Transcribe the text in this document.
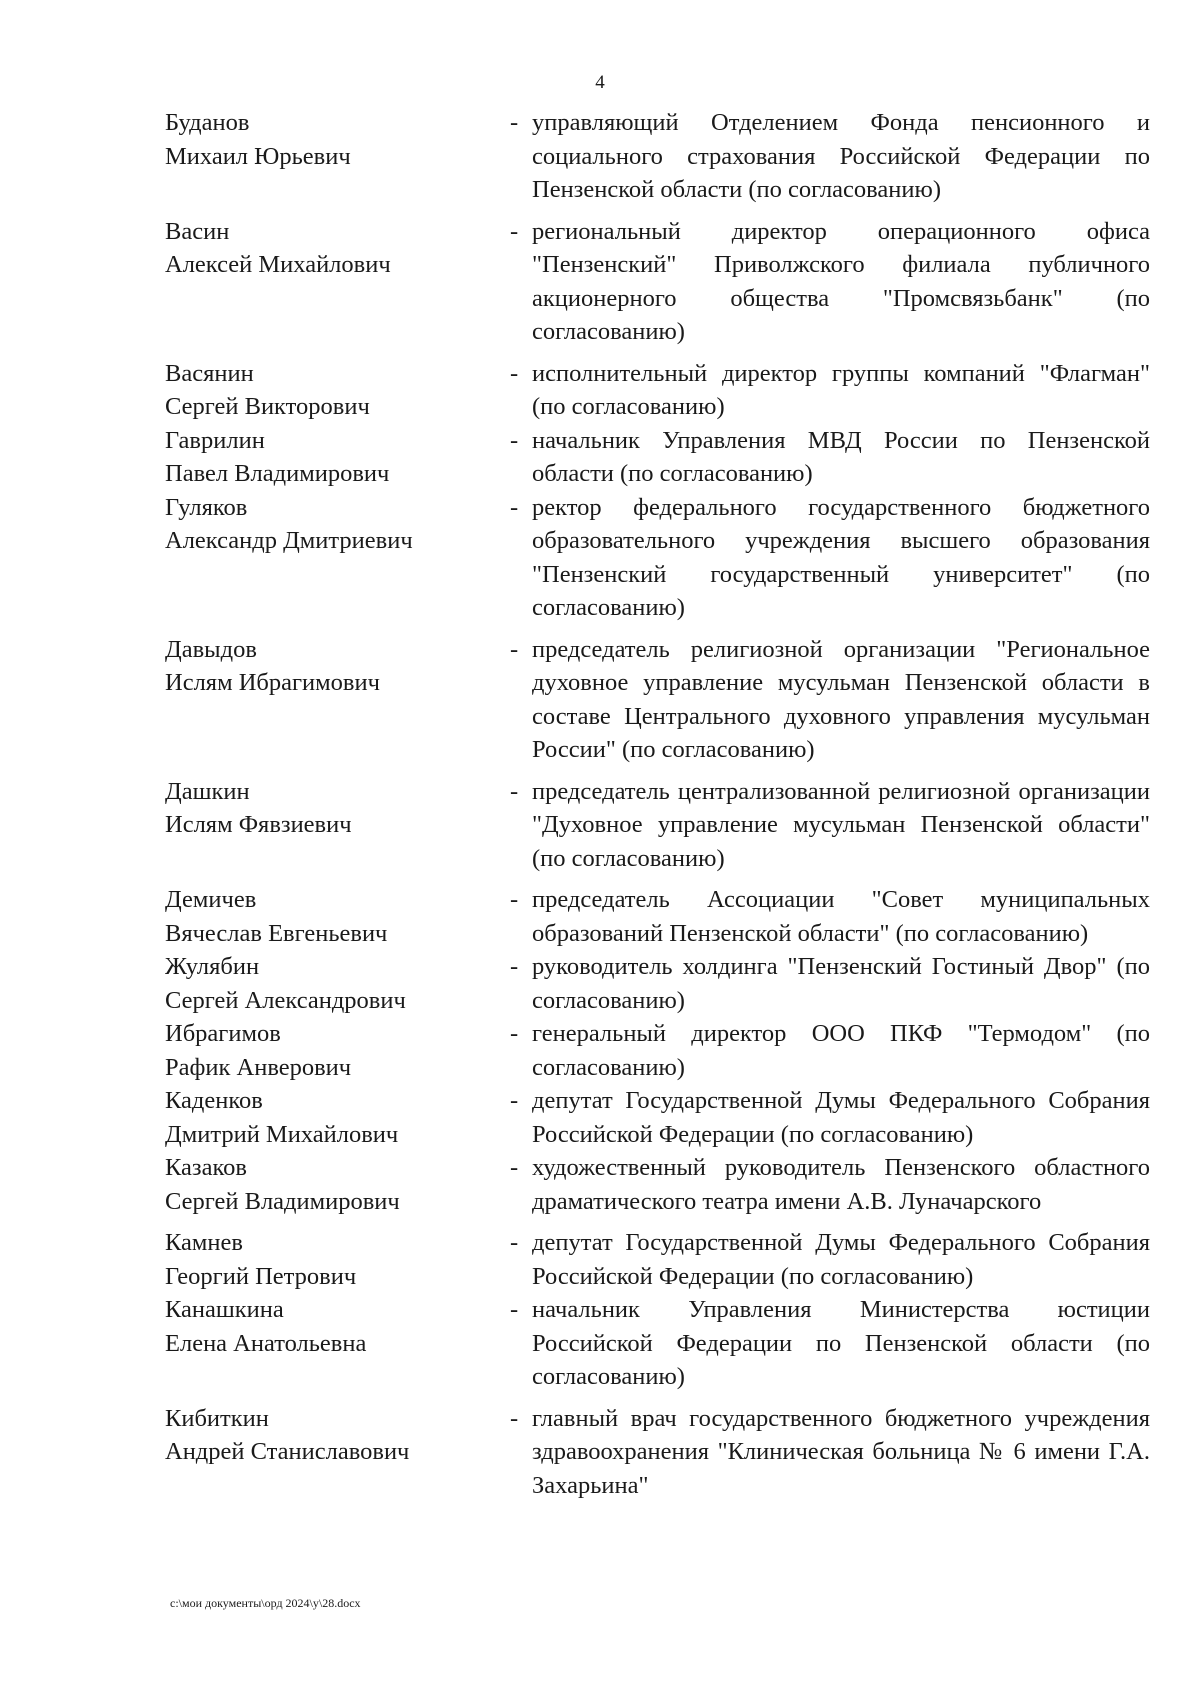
4
Буданов
Михаил Юрьевич
- управляющий Отделением Фонда пенсионного и социального страхования Российской Федерации по Пензенской области (по согласованию)
Васин
Алексей Михайлович
- региональный директор операционного офиса "Пензенский" Приволжского филиала публичного акционерного общества "Промсвязьбанк" (по согласованию)
Васянин
Сергей Викторович
- исполнительный директор группы компаний "Флагман" (по согласованию)
Гаврилин
Павел Владимирович
- начальник Управления МВД России по Пензенской области (по согласованию)
Гуляков
Александр Дмитриевич
- ректор федерального государственного бюджетного образовательного учреждения высшего образования "Пензенский государственный университет" (по согласованию)
Давыдов
Ислям Ибрагимович
- председатель религиозной организации "Региональное духовное управление мусульман Пензенской области в составе Центрального духовного управления мусульман России" (по согласованию)
Дашкин
Ислям Фявзиевич
- председатель централизованной религиозной организации "Духовное управление мусульман Пензенской области" (по согласованию)
Демичев
Вячеслав Евгеньевич
- председатель Ассоциации "Совет муниципальных образований Пензенской области" (по согласованию)
Жулябин
Сергей Александрович
- руководитель холдинга "Пензенский Гостиный Двор" (по согласованию)
Ибрагимов
Рафик Анверович
- генеральный директор ООО ПКФ "Термодом" (по согласованию)
Каденков
Дмитрий Михайлович
- депутат Государственной Думы Федерального Собрания Российской Федерации (по согласованию)
Казаков
Сергей Владимирович
- художественный руководитель Пензенского областного драматического театра имени А.В. Луначарского
Камнев
Георгий Петрович
- депутат Государственной Думы Федерального Собрания Российской Федерации (по согласованию)
Канашкина
Елена Анатольевна
- начальник Управления Министерства юстиции Российской Федерации по Пензенской области (по согласованию)
Кибиткин
Андрей Станиславович
- главный врач государственного бюджетного учреждения здравоохранения "Клиническая больница № 6 имени Г.А. Захарьина"
c:\мои документы\орд 2024\у\28.docx
